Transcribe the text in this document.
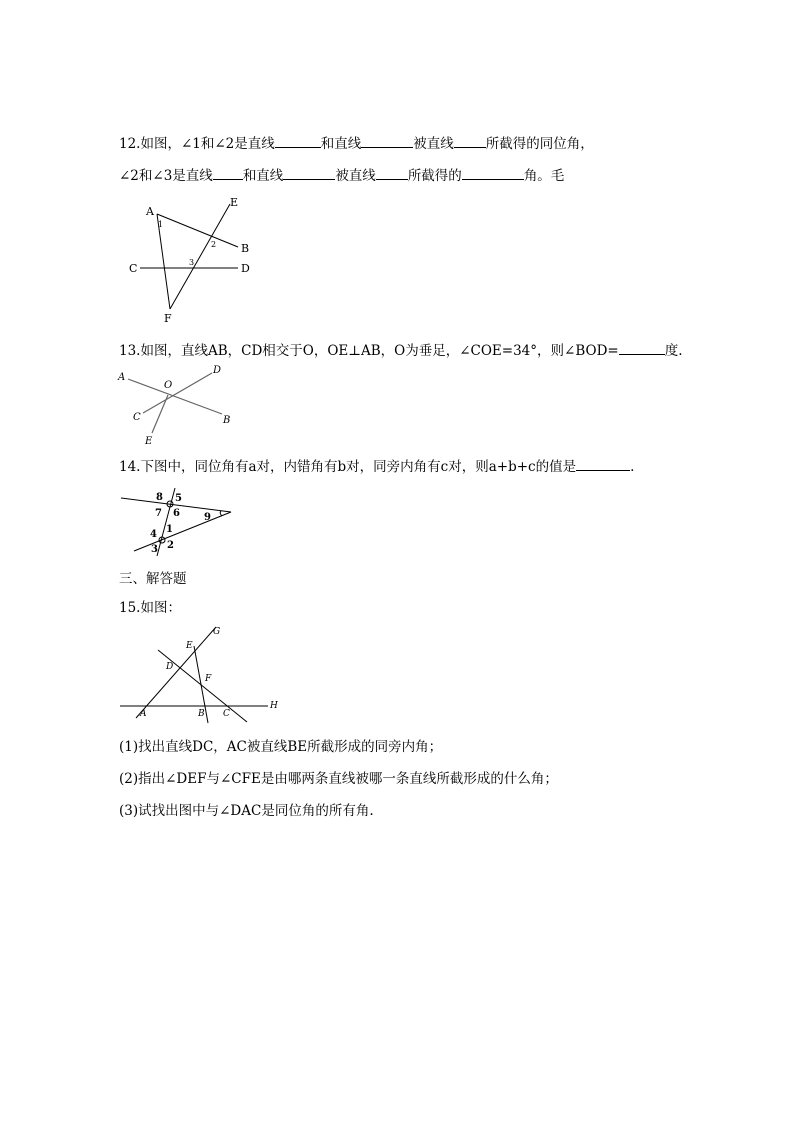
12.如图，∠1和∠2是直线	和直线	被直线 所截得的同位角，
∠2和∠3是直线 和直线	被直线 所截得的	角。毛
A
E
B
C	D
F
1
2
3
13.如图，直线AB，CD相交于O，OE⊥AB，O为垂足，∠COE=34°，则∠BOD=	度.
A
D
O
C	B
E
14.下图中，同位角有a对，内错角有b对，同旁内角有c对，则a+b+c的值是	.
8 5
7 6 9
1
4
2
3
三、解答题
15.如图：
G
E
D
F
H
A	B C
(1)找出直线DC，AC被直线BE所截形成的同旁内角；
(2)指出∠DEF与∠CFE是由哪两条直线被哪一条直线所截形成的什么角；
(3)试找出图中与∠DAC是同位角的所有角.
